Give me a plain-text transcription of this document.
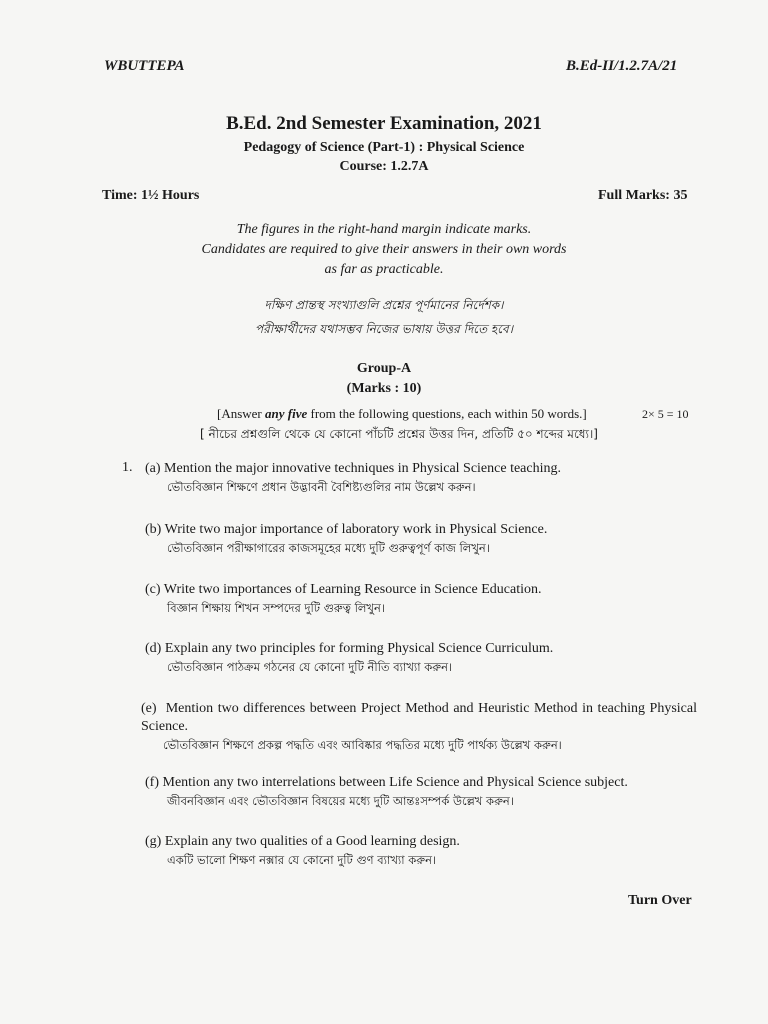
WBUTTEPA	B.Ed-II/1.2.7A/21
B.Ed. 2nd Semester Examination, 2021
Pedagogy of Science (Part-1) : Physical Science
Course: 1.2.7A
Time: 1½ Hours	Full Marks: 35
The figures in the right-hand margin indicate marks.
Candidates are required to give their answers in their own words
as far as practicable.
দক্ষিণ প্রান্তস্থ সংখ্যাগুলি প্রশ্নের পূর্ণমানের নির্দেশক।
পরীক্ষার্থীদের যথাসম্ভব নিজের ভাষায় উত্তর দিতে হবে।
Group-A
(Marks : 10)
[Answer any five from the following questions, each within 50 words.]	2× 5 = 10
[ নীচের প্রশ্নগুলি থেকে যে কোনো পাঁচটি প্রশ্নের উত্তর দিন, প্রতিটি ৫০ শব্দের মধ্যে।]
1. (a) Mention the major innovative techniques in Physical Science teaching.
ভৌতবিজ্ঞান শিক্ষণে প্রধান উদ্ভাবনী বৈশিষ্ট্যগুলির নাম উল্লেখ করুন।
(b) Write two major importance of laboratory work in Physical Science.
ভৌতবিজ্ঞান পরীক্ষাগারের কাজসমূহের মধ্যে দুটি গুরুত্বপূর্ণ কাজ লিখুন।
(c) Write two importances of Learning Resource in Science Education.
বিজ্ঞান শিক্ষায় শিখন সম্পদের দুটি গুরুত্ব লিখুন।
(d) Explain any two principles for forming Physical Science Curriculum.
ভৌতবিজ্ঞান পাঠক্রম গঠনের যে কোনো দুটি নীতি ব্যাখ্যা করুন।
(e) Mention two differences between Project Method and Heuristic Method in teaching Physical Science.
ভৌতবিজ্ঞান শিক্ষণে প্রকল্প পদ্ধতি এবং আবিষ্কার পদ্ধতির মধ্যে দুটি পার্থক্য উল্লেখ করুন।
(f) Mention any two interrelations between Life Science and Physical Science subject.
জীবনবিজ্ঞান এবং ভৌতবিজ্ঞান বিষয়ের মধ্যে দুটি আন্তঃসম্পর্ক উল্লেখ করুন।
(g) Explain any two qualities of a Good learning design.
একটি ভালো শিক্ষণ নক্সার যে কোনো দুটি গুণ ব্যাখ্যা করুন।
Turn Over
